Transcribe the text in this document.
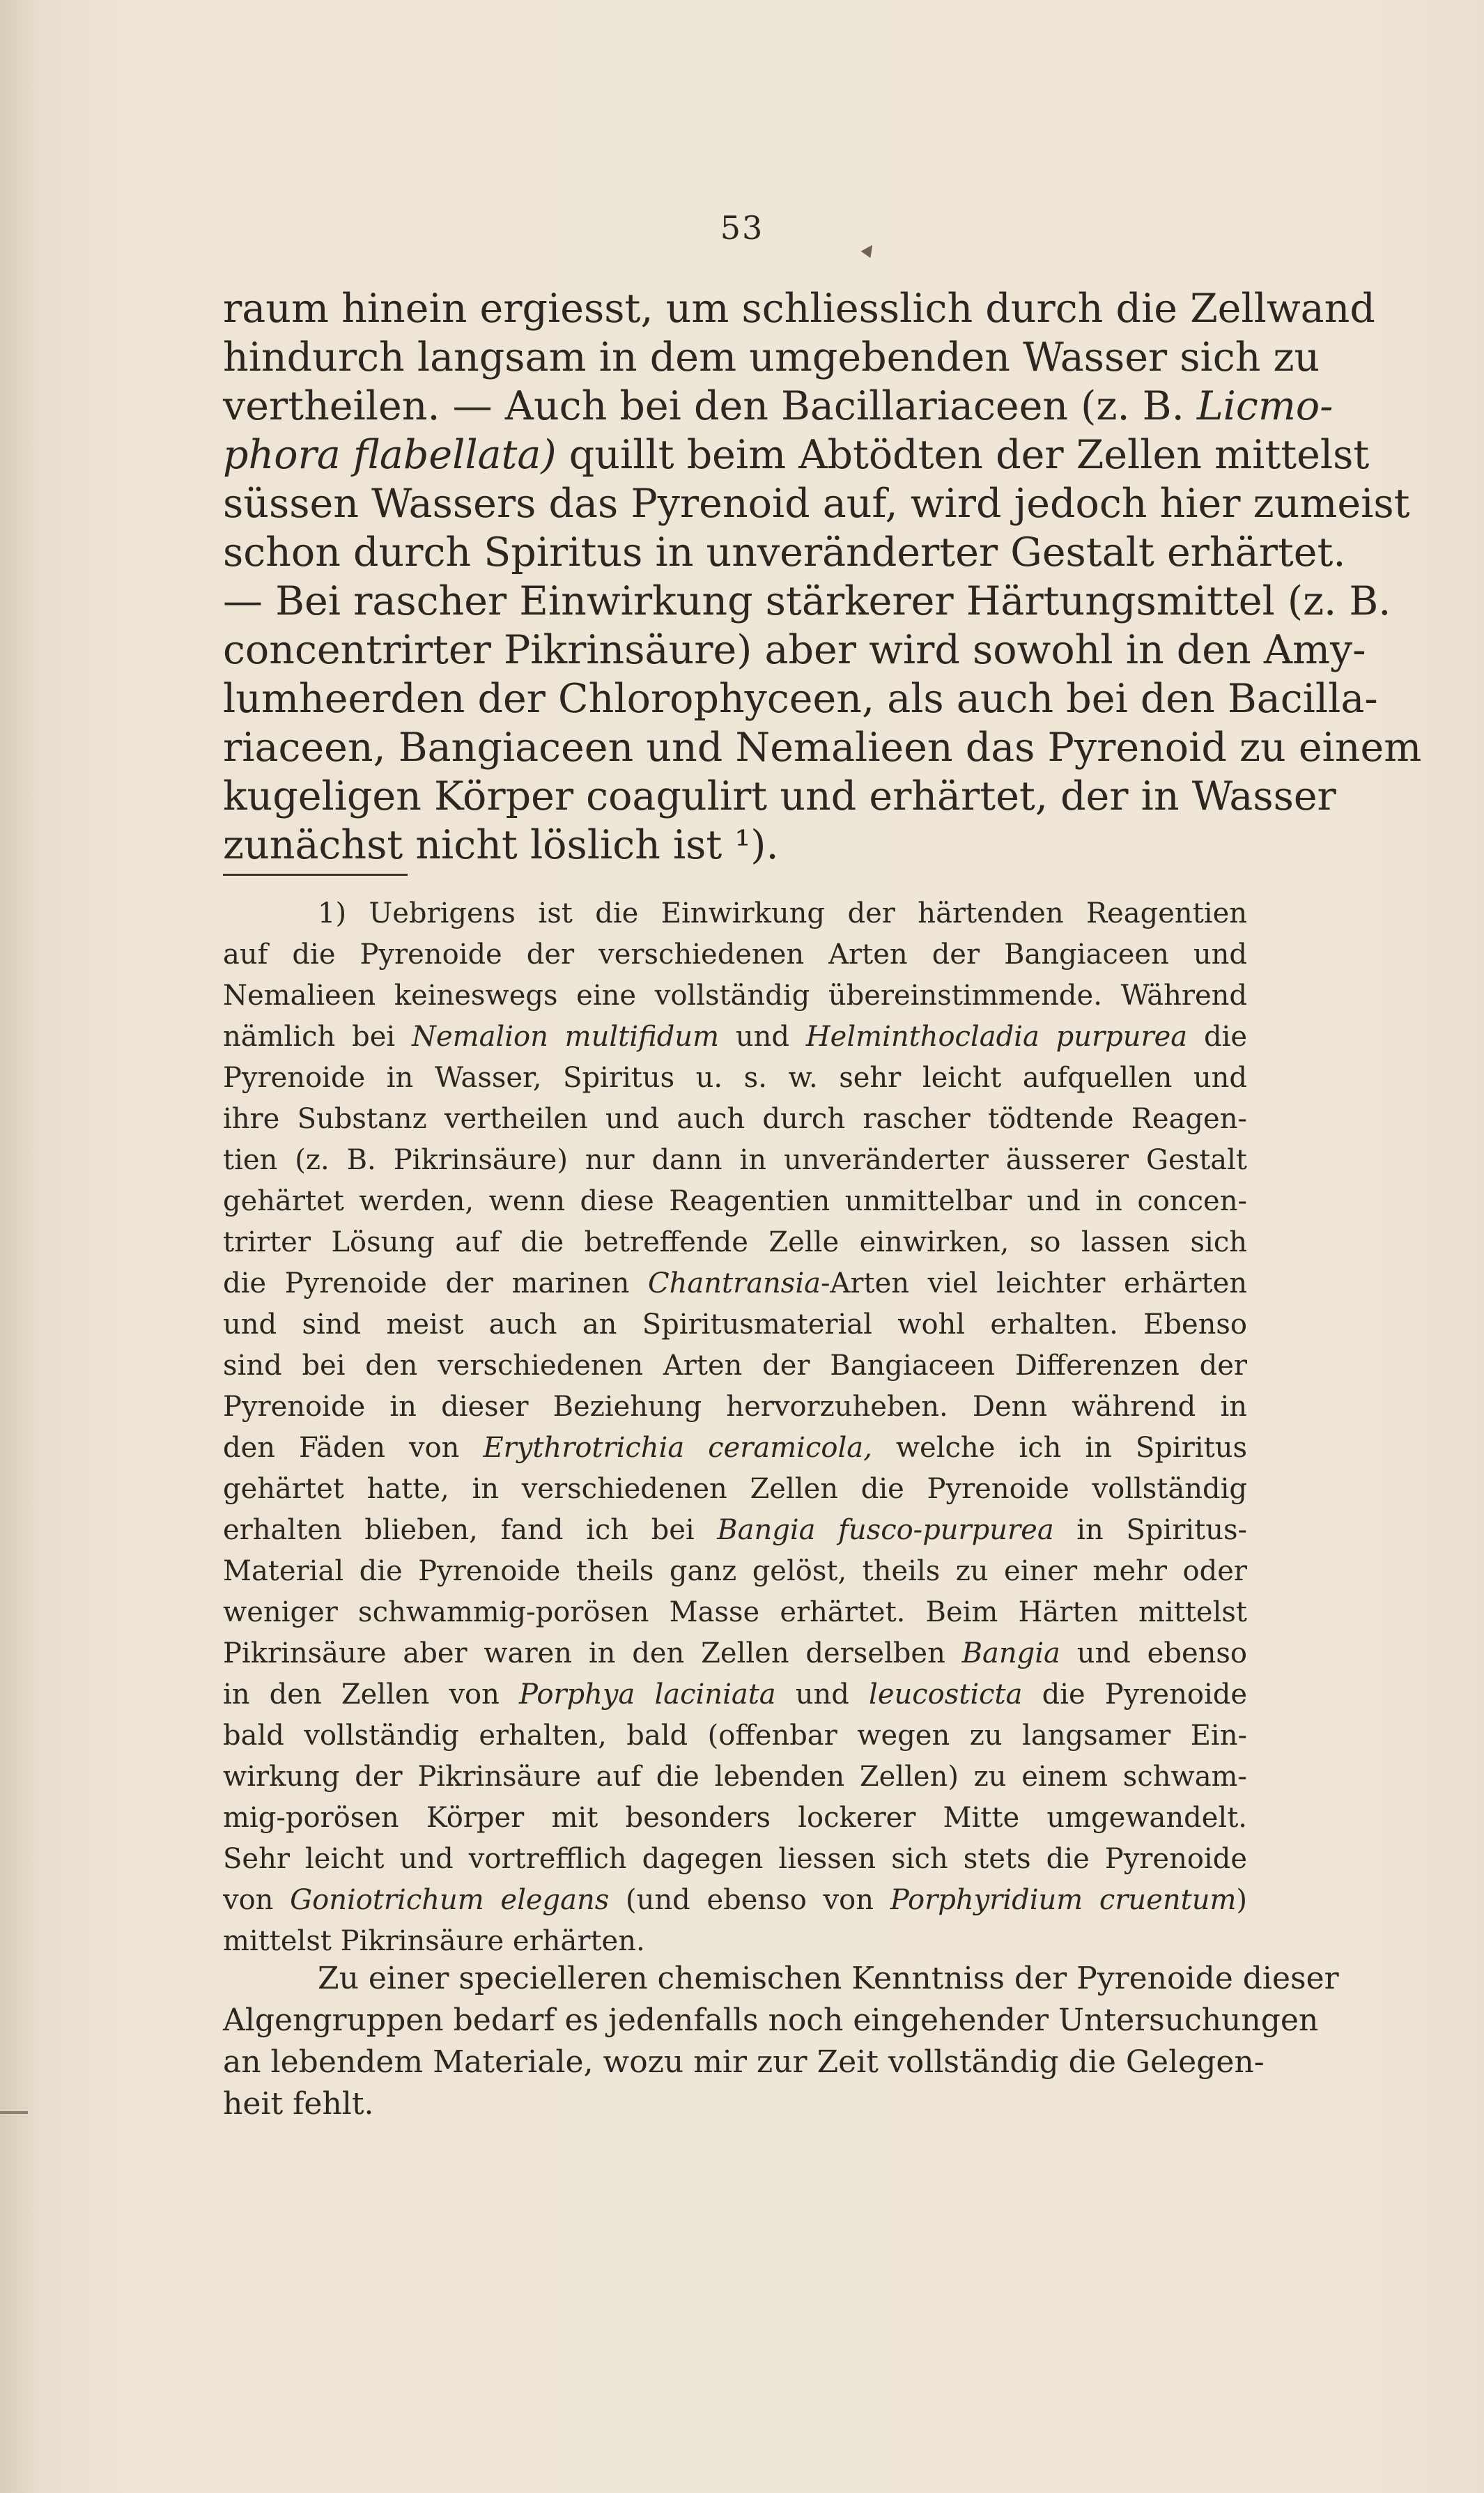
▲
53
raum hinein ergiesst, um schliesslich durch die Zellwand
hindurch langsam in dem umgebenden Wasser sich zu
vertheilen. — Auch bei den Bacillariaceen (z. B. Licmo-
phora flabellata) quillt beim Abtödten der Zellen mittelst
süssen Wassers das Pyrenoid auf, wird jedoch hier zumeist
schon durch Spiritus in unveränderter Gestalt erhärtet.
— Bei rascher Einwirkung stärkerer Härtungsmittel (z. B.
concentrirter Pikrinsäure) aber wird sowohl in den Amy-
lumheerden der Chlorophyceen, als auch bei den Bacilla-
riaceen, Bangiaceen und Nemalieen das Pyrenoid zu einem
kugeligen Körper coagulirt und erhärtet, der in Wasser
zunächst nicht löslich ist ¹).
1) Uebrigens ist die Einwirkung der härtenden Reagentien
auf die Pyrenoide der verschiedenen Arten der Bangiaceen und
Nemalieen keineswegs eine vollständig übereinstimmende. Während
nämlich bei Nemalion multifidum und Helminthocladia purpurea die
Pyrenoide in Wasser, Spiritus u. s. w. sehr leicht aufquellen und
ihre Substanz vertheilen und auch durch rascher tödtende Reagen-
tien (z. B. Pikrinsäure) nur dann in unveränderter äusserer Gestalt
gehärtet werden, wenn diese Reagentien unmittelbar und in concen-
trirter Lösung auf die betreffende Zelle einwirken, so lassen sich
die Pyrenoide der marinen Chantransia-Arten viel leichter erhärten
und sind meist auch an Spiritusmaterial wohl erhalten. Ebenso
sind bei den verschiedenen Arten der Bangiaceen Differenzen der
Pyrenoide in dieser Beziehung hervorzuheben. Denn während in
den Fäden von Erythrotrichia ceramicola, welche ich in Spiritus
gehärtet hatte, in verschiedenen Zellen die Pyrenoide vollständig
erhalten blieben, fand ich bei Bangia fusco-purpurea in Spiritus-
Material die Pyrenoide theils ganz gelöst, theils zu einer mehr oder
weniger schwammig-porösen Masse erhärtet. Beim Härten mittelst
Pikrinsäure aber waren in den Zellen derselben Bangia und ebenso
in den Zellen von Porphya laciniata und leucosticta die Pyrenoide
bald vollständig erhalten, bald (offenbar wegen zu langsamer Ein-
wirkung der Pikrinsäure auf die lebenden Zellen) zu einem schwam-
mig-porösen Körper mit besonders lockerer Mitte umgewandelt.
Sehr leicht und vortrefflich dagegen liessen sich stets die Pyrenoide
von Goniotrichum elegans (und ebenso von Porphyridium cruentum)
mittelst Pikrinsäure erhärten.
Zu einer specielleren chemischen Kenntniss der Pyrenoide dieser
Algengruppen bedarf es jedenfalls noch eingehender Untersuchungen
an lebendem Materiale, wozu mir zur Zeit vollständig die Gelegen-
heit fehlt.
